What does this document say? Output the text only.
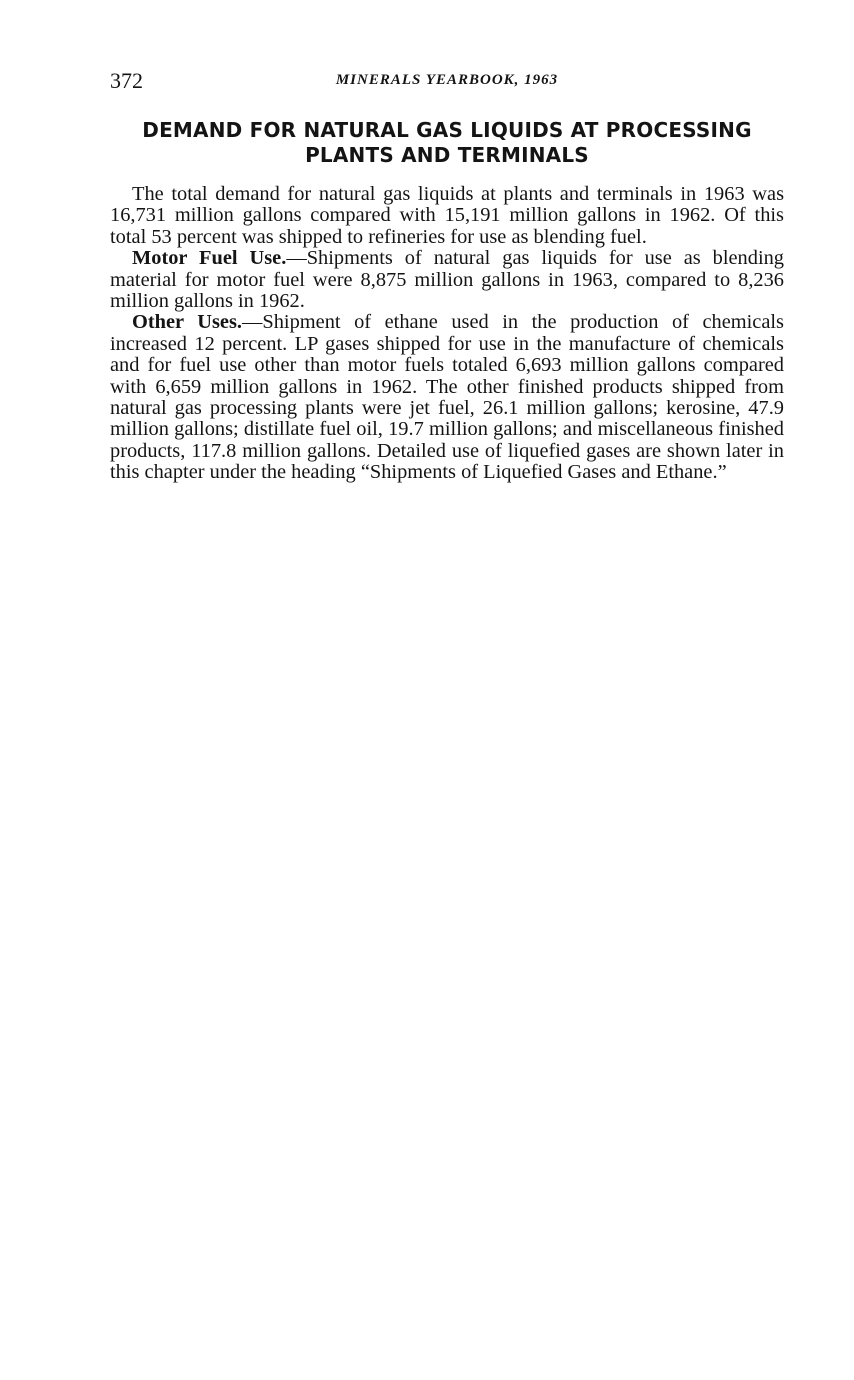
372	MINERALS YEARBOOK, 1963
DEMAND FOR NATURAL GAS LIQUIDS AT PROCESSING PLANTS AND TERMINALS

The total demand for natural gas liquids at plants and terminals in 1963 was 16,731 million gallons compared with 15,191 million gallons in 1962. Of this total 53 percent was shipped to refineries for use as blending fuel.

Motor Fuel Use.—Shipments of natural gas liquids for use as blending material for motor fuel were 8,875 million gallons in 1963, compared to 8,236 million gallons in 1962.

Other Uses.—Shipment of ethane used in the production of chemicals increased 12 percent. LP gases shipped for use in the manufacture of chemicals and for fuel use other than motor fuels totaled 6,693 million gallons compared with 6,659 million gallons in 1962. The other finished products shipped from natural gas processing plants were jet fuel, 26.1 million gallons; kerosine, 47.9 million gallons; distillate fuel oil, 19.7 million gallons; and miscellaneous finished products, 117.8 million gallons. Detailed use of liquefied gases are shown later in this chapter under the heading “Shipments of Liquefied Gases and Ethane.”
